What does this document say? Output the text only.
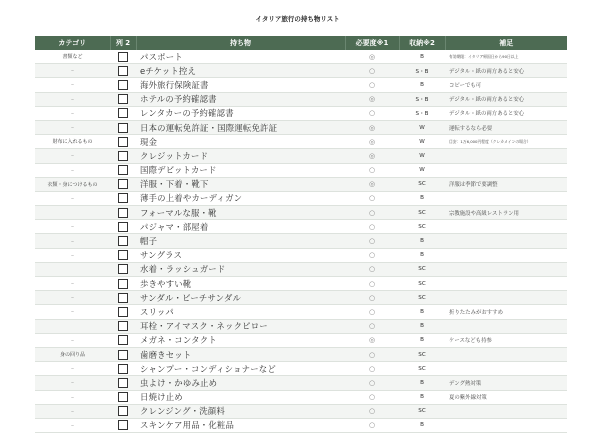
イタリア旅行の持ち物リスト
カテゴリ	列 2	持ち物	必要度※1	収納※2	補足
書類など		パスポート	◎	B	有効期限：イタリア帰国日から90日以上
–		eチケット控え	○	S・B	デジタル・紙の両方あると安心
–		海外旅行保険証書	○	B	コピーでも可
–		ホテルの予約確認書	◎	S・B	デジタル・紙の両方あると安心
–		レンタカーの予約確認書	○	S・B	デジタル・紙の両方あると安心
–		日本の運転免許証・国際運転免許証	◎	W	運転するなら必要
財布に入れるもの		現金	◎	W	目安：1万6,000円程度（クレカメインの場合）
–		クレジットカード	◎	W	
–		国際デビットカード	○	W	
衣類・身につけるもの		洋服・下着・靴下	◎	SC	洋服は季節で要調整
–		薄手の上着やカーディガン	○	B	
		フォーマルな服・靴	○	SC	宗教施設や高級レストラン用
–		パジャマ・部屋着	○	SC	
–		帽子	○	B	
–		サングラス	○	B	
		水着・ラッシュガード	○	SC	
–		歩きやすい靴	○	SC	
–		サンダル・ビーチサンダル	○	SC	
–		スリッパ	○	B	折りたたみがおすすめ
		耳栓・アイマスク・ネックピロー	○	B	
–		メガネ・コンタクト	◎	B	ケースなども持参
身の回り品		歯磨きセット	○	SC	
–		シャンプー・コンディショナーなど	○	SC	
–		虫よけ・かゆみ止め	○	B	デング熱対策
–		日焼け止め	○	B	夏の紫外線対策
–		クレンジング・洗顔料	○	SC	
–		スキンケア用品・化粧品	○	B	
